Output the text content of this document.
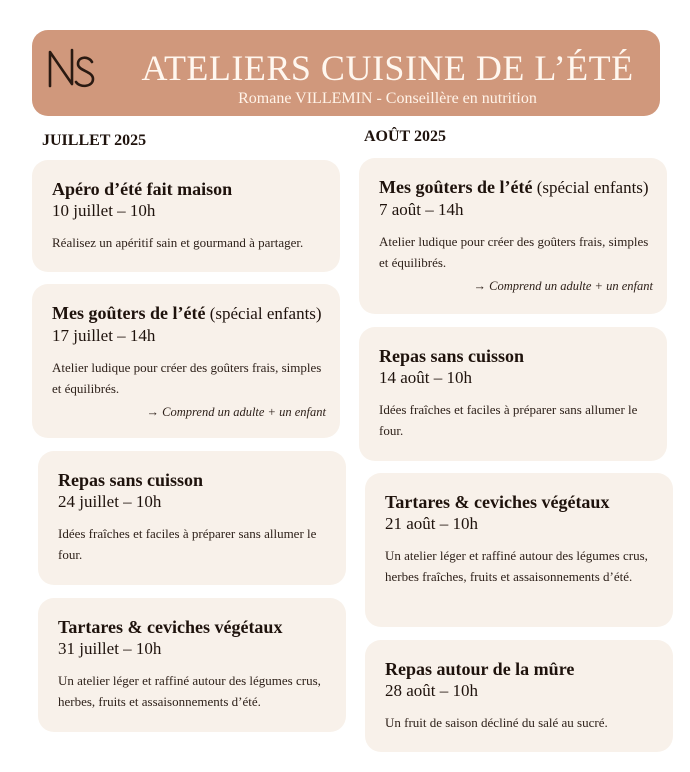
ATELIERS CUISINE DE L’ÉTÉ
Romane VILLEMIN - Conseillère en nutrition
JUILLET 2025	AOÛT 2025
Apéro d’été fait maison
10 juillet – 10h
Réalisez un apéritif sain et gourmand à partager.
Mes goûters de l’été (spécial enfants)
17 juillet – 14h
Atelier ludique pour créer des goûters frais, simples et équilibrés.
→ Comprend un adulte + un enfant
Repas sans cuisson
24 juillet – 10h
Idées fraîches et faciles à préparer sans allumer le four.
Tartares & ceviches végétaux
31 juillet – 10h
Un atelier léger et raffiné autour des légumes crus, herbes, fruits et assaisonnements d’été.
Mes goûters de l’été (spécial enfants)
7 août – 14h
Atelier ludique pour créer des goûters frais, simples et équilibrés.
→ Comprend un adulte + un enfant
Repas sans cuisson
14 août – 10h
Idées fraîches et faciles à préparer sans allumer le four.
Tartares & ceviches végétaux
21 août – 10h
Un atelier léger et raffiné autour des légumes crus, herbes fraîches, fruits et assaisonnements d’été.
Repas autour de la mûre
28 août – 10h
Un fruit de saison décliné du salé au sucré.
